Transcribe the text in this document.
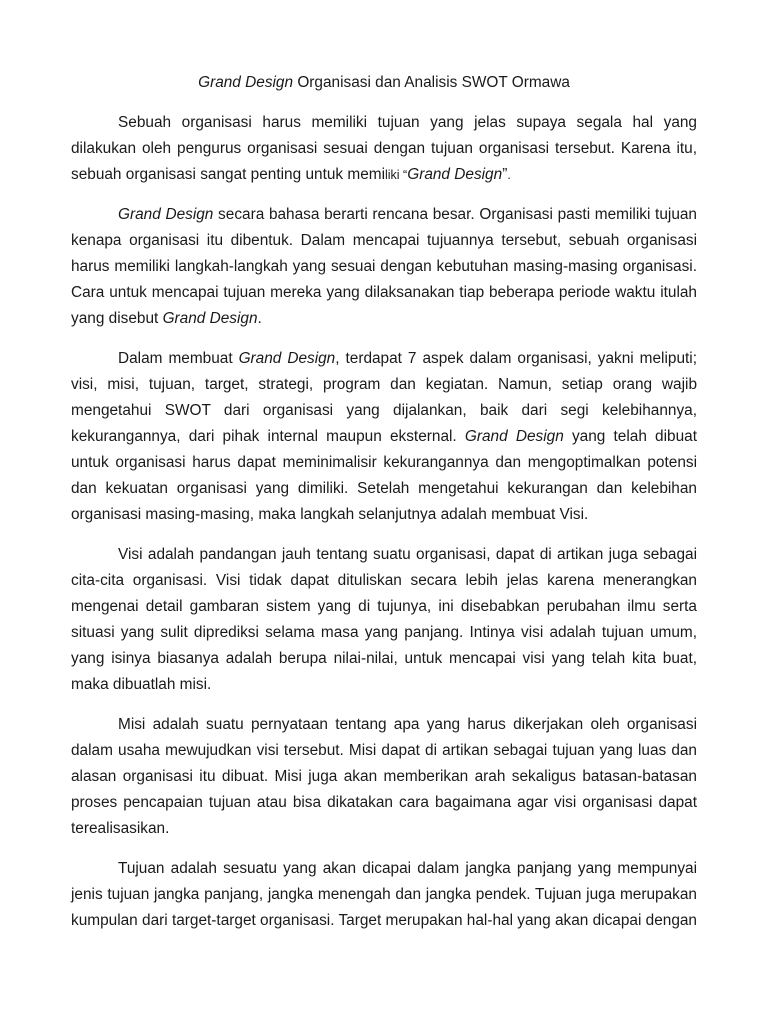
Grand Design Organisasi dan Analisis SWOT Ormawa

Sebuah organisasi harus memiliki tujuan yang jelas supaya segala hal yang dilakukan oleh pengurus organisasi sesuai dengan tujuan organisasi tersebut. Karena itu, sebuah organisasi sangat penting untuk memiliki “Grand Design”.

Grand Design secara bahasa berarti rencana besar. Organisasi pasti memiliki tujuan kenapa organisasi itu dibentuk. Dalam mencapai tujuannya tersebut, sebuah organisasi harus memiliki langkah-langkah yang sesuai dengan kebutuhan masing-masing organisasi. Cara untuk mencapai tujuan mereka yang dilaksanakan tiap beberapa periode waktu itulah yang disebut Grand Design.

Dalam membuat Grand Design, terdapat 7 aspek dalam organisasi, yakni meliputi; visi, misi, tujuan, target, strategi, program dan kegiatan. Namun, setiap orang wajib mengetahui SWOT dari organisasi yang dijalankan, baik dari segi kelebihannya, kekurangannya, dari pihak internal maupun eksternal. Grand Design yang telah dibuat untuk organisasi harus dapat meminimalisir kekurangannya dan mengoptimalkan potensi dan kekuatan organisasi yang dimiliki. Setelah mengetahui kekurangan dan kelebihan organisasi masing-masing, maka langkah selanjutnya adalah membuat Visi.

Visi adalah pandangan jauh tentang suatu organisasi, dapat di artikan juga sebagai cita-cita organisasi. Visi tidak dapat dituliskan secara lebih jelas karena menerangkan mengenai detail gambaran sistem yang di tujunya, ini disebabkan perubahan ilmu serta situasi yang sulit diprediksi selama masa yang panjang. Intinya visi adalah tujuan umum, yang isinya biasanya adalah berupa nilai-nilai, untuk mencapai visi yang telah kita buat, maka dibuatlah misi.

Misi adalah suatu pernyataan tentang apa yang harus dikerjakan oleh organisasi dalam usaha mewujudkan visi tersebut. Misi dapat di artikan sebagai tujuan yang luas dan alasan organisasi itu dibuat. Misi juga akan memberikan arah sekaligus batasan-batasan proses pencapaian tujuan atau bisa dikatakan cara bagaimana agar visi organisasi dapat terealisasikan.

Tujuan adalah sesuatu yang akan dicapai dalam jangka panjang yang mempunyai jenis tujuan jangka panjang, jangka menengah dan jangka pendek. Tujuan juga merupakan kumpulan dari target-target organisasi. Target merupakan hal-hal yang akan dicapai dengan
